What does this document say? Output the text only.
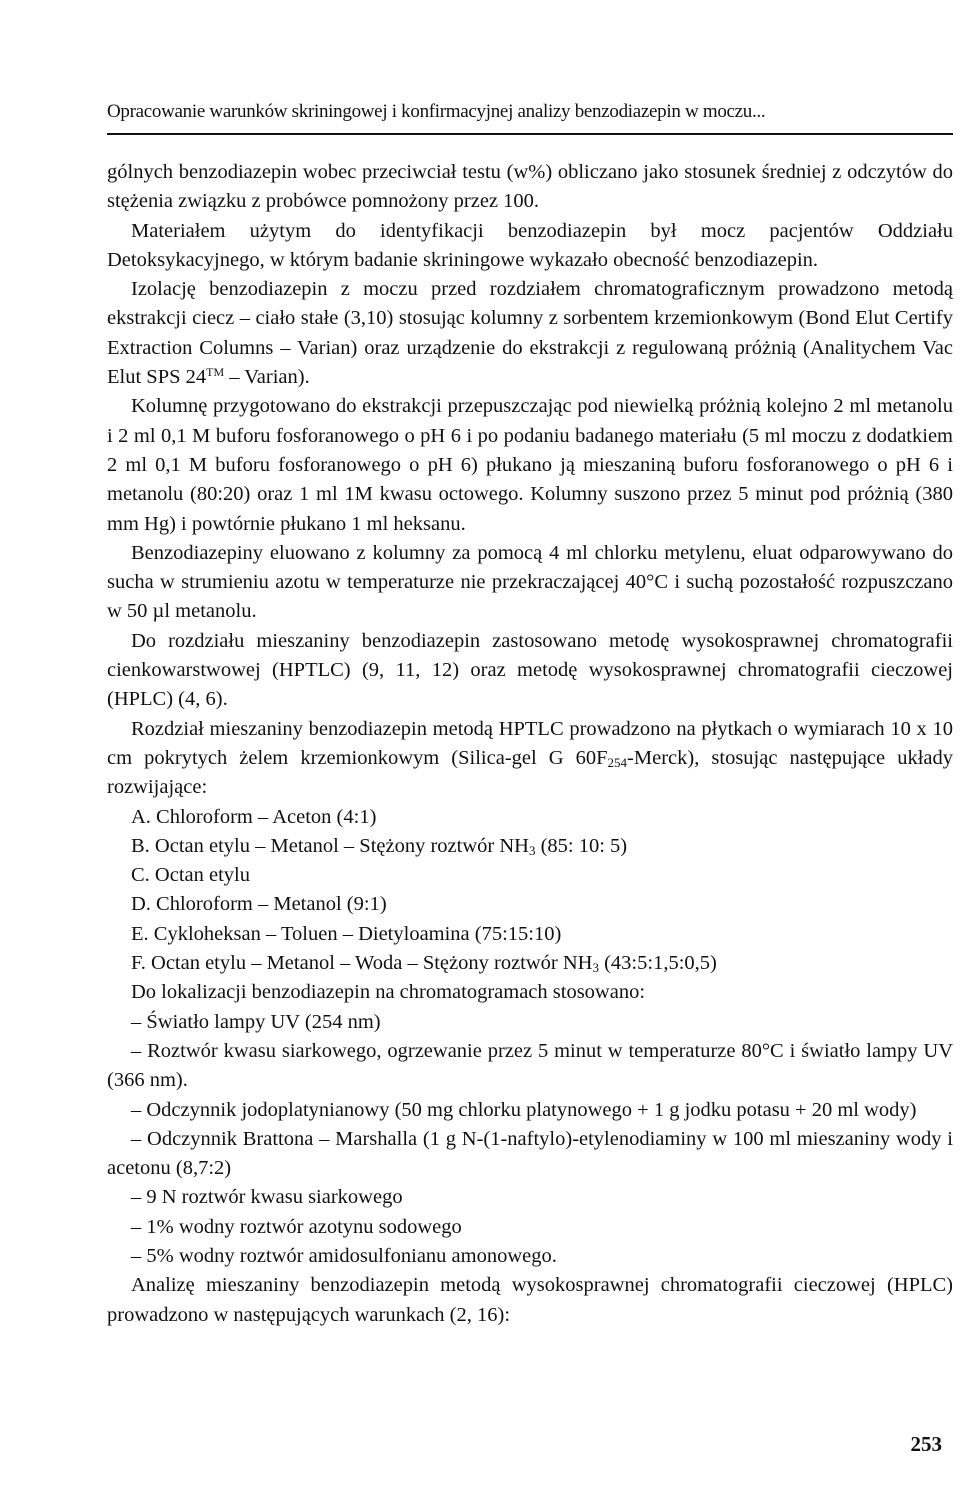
Opracowanie warunków skriningowej i konfirmacyjnej analizy benzodiazepin w moczu...

gólnych benzodiazepin wobec przeciwciał testu (w%) obliczano jako stosunek średniej z odczytów do stężenia związku z probówce pomnożony przez 100.

Materiałem użytym do identyfikacji benzodiazepin był mocz pacjentów Oddziału Detoksykacyjnego, w którym badanie skriningowe wykazało obecność benzodiazepin.

Izolację benzodiazepin z moczu przed rozdziałem chromatograficznym prowadzono metodą ekstrakcji ciecz – ciało stałe (3,10) stosując kolumny z sorbentem krzemionkowym (Bond Elut Certify Extraction Columns – Varian) oraz urządzenie do ekstrakcji z regulowaną próżnią (Analitychem Vac Elut SPS 24™ – Varian).

Kolumnę przygotowano do ekstrakcji przepuszczając pod niewielką próżnią kolejno 2 ml metanolu i 2 ml 0,1 M buforu fosforanowego o pH 6 i po podaniu badanego materiału (5 ml moczu z dodatkiem 2 ml 0,1 M buforu fosforanowego o pH 6) płukano ją mieszaniną buforu fosforanowego o pH 6 i metanolu (80:20) oraz 1 ml 1M kwasu octowego. Kolumny suszono przez 5 minut pod próżnią (380 mm Hg) i powtórnie płukano 1 ml heksanu.

Benzodiazepiny eluowano z kolumny za pomocą 4 ml chlorku metylenu, eluat odparowywano do sucha w strumieniu azotu w temperaturze nie przekraczającej 40°C i suchą pozostałość rozpuszczano w 50 µl metanolu.

Do rozdziału mieszaniny benzodiazepin zastosowano metodę wysokosprawnej chromatografii cienkowarstwowej (HPTLC) (9, 11, 12) oraz metodę wysokosprawnej chromatografii cieczowej (HPLC) (4, 6).

Rozdział mieszaniny benzodiazepin metodą HPTLC prowadzono na płytkach o wymiarach 10 x 10 cm pokrytych żelem krzemionkowym (Silica-gel G $60F_{254}-Merck$), stosując następujące układy rozwijające:

A. Chloroform – Aceton (4:1)

B. Octan etylu – Metanol – Stężony roztwór $NH_3$ (85: 10: 5)

C. Octan etylu

D. Chloroform – Metanol (9:1)

E. Cykloheksan – Toluen – Dietyloamina (75:15:10)

F. Octan etylu – Metanol – Woda – Stężony roztwór $NH_3$ (43:5:1,5:0,5)

Do lokalizacji benzodiazepin na chromatogramach stosowano:

– Światło lampy UV (254 nm)

– Roztwór kwasu siarkowego, ogrzewanie przez 5 minut w temperaturze 80°C i światło lampy UV (366 nm).

– Odczynnik jodoplatynianowy (50 mg chlorku platynowego + 1 g jodku potasu + 20 ml wody)

– Odczynnik Brattona – Marshalla (1 g N-(1-naftylo)-etylenodiaminy w 100 ml mieszaniny wody i acetonu (8,7:2)

– 9 N roztwór kwasu siarkowego

– 1% wodny roztwór azotynu sodowego

– 5% wodny roztwór amidosulfonianu amonowego.

Analizę mieszaniny benzodiazepin metodą wysokosprawnej chromatografii cieczowej (HPLC) prowadzono w następujących warunkach (2, 16):

253
